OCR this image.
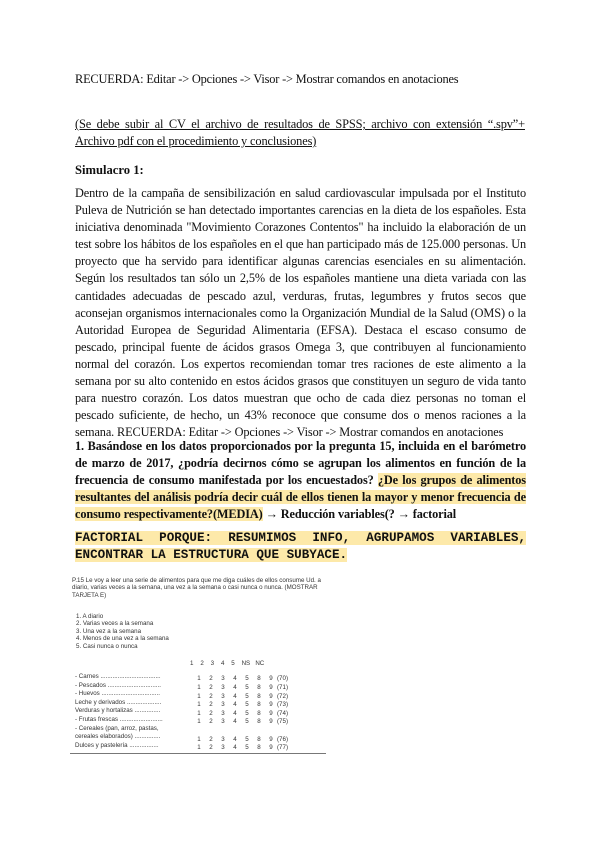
RECUERDA: Editar -> Opciones -> Visor -> Mostrar comandos en anotaciones
(Se debe subir al CV el archivo de resultados de SPSS; archivo con extensión “.spv”+ Archivo pdf con el procedimiento y conclusiones)
Simulacro 1:
Dentro de la campaña de sensibilización en salud cardiovascular impulsada por el Instituto Puleva de Nutrición se han detectado importantes carencias en la dieta de los españoles. Esta iniciativa denominada "Movimiento Corazones Contentos" ha incluido la elaboración de un test sobre los hábitos de los españoles en el que han participado más de 125.000 personas. Un proyecto que ha servido para identificar algunas carencias esenciales en su alimentación. Según los resultados tan sólo un 2,5% de los españoles mantiene una dieta variada con las cantidades adecuadas de pescado azul, verduras, frutas, legumbres y frutos secos que aconsejan organismos internacionales como la Organización Mundial de la Salud (OMS) o la Autoridad Europea de Seguridad Alimentaria (EFSA). Destaca el escaso consumo de pescado, principal fuente de ácidos grasos Omega 3, que contribuyen al funcionamiento normal del corazón. Los expertos recomiendan tomar tres raciones de este alimento a la semana por su alto contenido en estos ácidos grasos que constituyen un seguro de vida tanto para nuestro corazón. Los datos muestran que ocho de cada diez personas no toman el pescado suficiente, de hecho, un 43% reconoce que consume dos o menos raciones a la semana. RECUERDA: Editar -> Opciones -> Visor -> Mostrar comandos en anotaciones
1. Basándose en los datos proporcionados por la pregunta 15, incluida en el barómetro de marzo de 2017, ¿podría decirnos cómo se agrupan los alimentos en función de la frecuencia de consumo manifestada por los encuestados? ¿De los grupos de alimentos resultantes del análisis podría decir cuál de ellos tienen la mayor y menor frecuencia de consumo respectivamente?(MEDIA) → Reducción variables(? → factorial
FACTORIAL PORQUE: RESUMIMOS INFO, AGRUPAMOS VARIABLES, ENCONTRAR LA ESTRUCTURA QUE SUBYACE.
P.15 Le voy a leer una serie de alimentos para que me diga cuáles de ellos consume Ud. a diario, varias veces a la semana, una vez a la semana o casi nunca o nunca. (MOSTRAR TARJETA E)
1. A diario
2. Varias veces a la semana
3. Una vez a la semana
4. Menos de una vez a la semana
5. Casi nunca o nunca
1    2    3    4    5    NS   NC
- Carnes ...................................	1 2 3 4 5 8 9 (70)
- Pescados ...............................	1 2 3 4 5 8 9 (71)
- Huevos ..................................	1 2 3 4 5 8 9 (72)
Leche y derivados ....................	1 2 3 4 5 8 9 (73)
Verduras y hortalizas ...............	1 2 3 4 5 8 9 (74)
- Frutas frescas .........................	1 2 3 4 5 8 9 (75)
- Cereales (pan, arroz, pastas,
cereales elaborados) ...............	1 2 3 4 5 8 9 (76)
Dulces y pastelería .................	1 2 3 4 5 8 9 (77)
